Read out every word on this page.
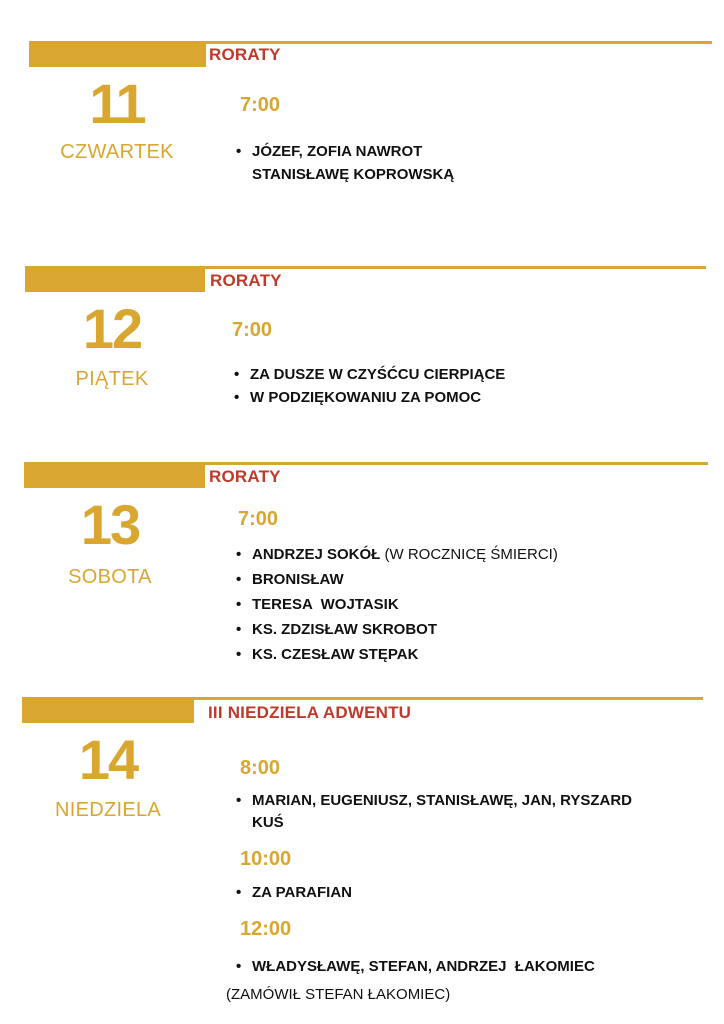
RORATY
11
CZWARTEK
7:00
• JÓZEF, ZOFIA NAWROT
STANISŁAWĘ KOPROWSKĄ
RORATY
12
PIĄTEK
7:00
• ZA DUSZE W CZYŚĆCU CIERPIĄCE
• W PODZIĘKOWANIU ZA POMOC
RORATY
13
SOBOTA
7:00
• ANDRZEJ SOKÓŁ (W ROCZNICĘ ŚMIERCI)
• BRONISŁAW
• TERESA  WOJTASIK
• KS. ZDZISŁAW SKROBOT
• KS. CZESŁAW STĘPAK
III NIEDZIELA ADWENTU
14
NIEDZIELA
8:00
• MARIAN, EUGENIUSZ, STANISŁAWĘ, JAN, RYSZARD
KUŚ
10:00
• ZA PARAFIAN
12:00
• WŁADYSŁAWĘ, STEFAN, ANDRZEJ  ŁAKOMIEC
(ZAMÓWIŁ STEFAN ŁAKOMIEC)
